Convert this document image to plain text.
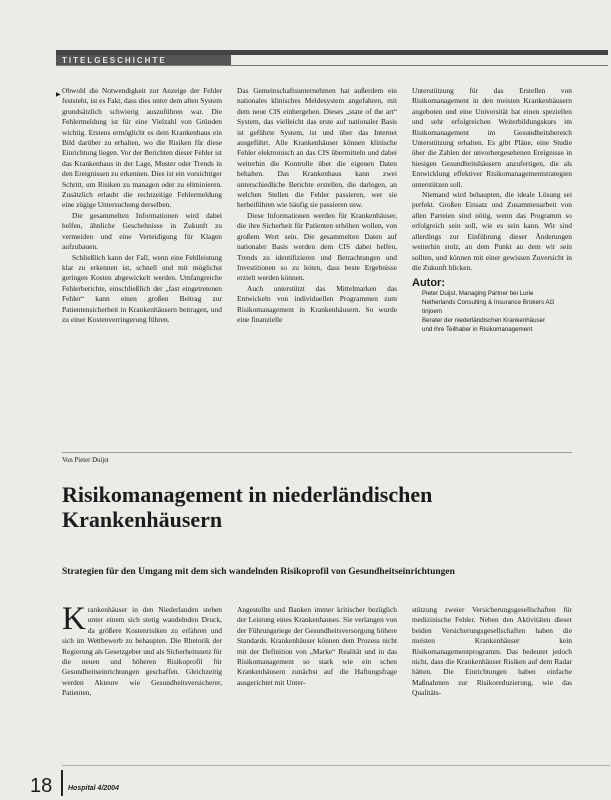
TITELGESCHICHTE
▶ Obwohl die Notwendigkeit zur Anzeige der Fehler feststeht, ist es Fakt, dass dies unter dem alten System grundsätzlich schwierig auszuführen war. Die Fehlermeldung ist für eine Vielzahl von Gründen wichtig. Erstens ermöglicht es dem Krankenhaus ein Bild darüber zu erhalten, wo die Risiken für diese Einrichtung liegen. Vor der Berichten dieser Fehler ist das Krankenhaus in der Lage, Muster oder Trends in den Ereignissen zu erkennen. Dies ist ein vorsichtiger Schritt, um Risiken zu managen oder zu eliminieren. Zusätzlich erlaubt die rechtzeitige Fehlermeldung eine zügige Untersuchung derselben.

Die gesammelten Informationen wird dabei helfen, ähnliche Geschehnisse in Zukunft zu vermeiden und eine Verteidigung für Klagen aufzubauen.

Schließlich kann der Fall, wenn eine Fehlleistung klar zu erkennen ist, schnell und mit möglichst geringen Kosten abgewickelt werden. Umfangreiche Fehlerberichte, einschließlich der „fast eingetretenen Fehler“ kann einen großen Beitrag zur Patientensicherheit in Krankenhäusern beitragen, und zu einer Kostenverringerung führen.

Das Gemeinschaftsunternehmen hat außerdem ein nationales klinisches Meldesystem angefahren, mit dem neue CIS einhergehen. Dieses „state of the art“ System, das vielleicht das erste auf nationaler Basis ist geführte System, ist und über das Internet ausgeführt. Alle Krankenhäuser können klinische Fehler elektronisch an das CIS übermitteln und dabei weiterhin die Kontrolle über die eigenen Daten behalten. Das Krankenhaus kann zwei unterschiedliche Berichte erstellen, die darlegen, an welchen Stellen die Fehler passieren, wer sie herbeiführen wie häufig sie passieren usw.

Diese Informationen werden für Krankenhäuser, die ihre Sicherheit für Patienten erhöhen wollen, von großem Wert sein. Die gesammelten Daten auf nationaler Basis werden dem CIS dabei helfen, Trends zu identifizieren und Betrachtungen und Investitionen so zu leiten, dass beste Ergebnisse erzielt werden können.

Auch unterstützt das Mittelmarken das Entwickeln von individuellen Programmen zum Risikomanagement in Krankenhäusern. So wurde eine finanzielle

Unterstützung für das Erstellen von Risikomanagement in den meisten Krankenhäusern angeboten und eine Universität hat einen speziellen und sehr erfolgreichen Weiterbildungskurs im Risikomanagement im Gesundheitsbereich Unterstützung erhalten. Es gibt Pläne, eine Studie über die Zahlen der unvorhergesehenen Ereignisse in hiesigen Gesundheitshäusern anzufertigen, die als Entwicklung effektiver Risikomanagementstrategien unterstützen soll.

Niemand wird behaupten, die ideale Lösung sei perfekt. Großen Einsatz und Zusammenarbeit von allen Parteien sind nötig, wenn das Programm so erfolgreich sein soll, wie es sein kann. Wir sind allerdings zur Einführung dieser Änderungen weiterhin stolz, an dem Punkt an dem wir sein sollten, und können mit einer gewissen Zuversicht in die Zukunft blicken.

Autor:

Pieter Duijst, Managing Partner bei Lurie

Netherlands Consulting & Insurance Brokers AG

tinjoem

Berater der niederländischen Krankenhäuser

und ihre Teilhaber in Risikomanagement

Von Pieter Duijst
Risikomanagement in niederländischen Krankenhäusern
Strategien für den Umgang mit dem sich wandelnden Risikoprofil von Gesundheitseinrichtungen

Krankenhäuser in den Niederlanden stehen unter einem sich stetig wandelnden Druck, da größere Kostenrisiken zu erfahren und sich im Wettbewerb zu behaupten. Die Rhetorik der Regierung als Gesetzgeber und als Sicherheitsnetz für die neuen und höheren Risikoprofil für Gesundheitseinrichtungen geschaffen. Gleichzeitig werden Akteure wie Gesundheitsversicherer, Patienten,

Angestellte und Banken immer kritischer bezüglich der Leistung eines Krankenhauses. Sie verlangen von der Führungsriege der Gesundheitsversorgung höhere Standards. Krankenhäuser können dem Prozess nicht mit der Definition von „Marke“ Realität und in das Risikomanagement so stark wie ein schen Krankenhäusern zunächst auf die Haftungsfrage ausgerichtet mit Unter-

stützung zweier Versicherungsgesellschaften für medizinische Fehler. Neben den Aktivitäten dieser beiden Versicherungsgesellschaften haben die meisten Krankenhäuser kein Risikomanagementprogramm. Das bedeutet jedoch nicht, dass die Krankenhäuser Risiken auf dem Radar hätten. Die Einrichtungen haben einfache Maßnahmen zur Risikoreduzierung, wie das Qualitäts-

18 Hospital 4/2004
